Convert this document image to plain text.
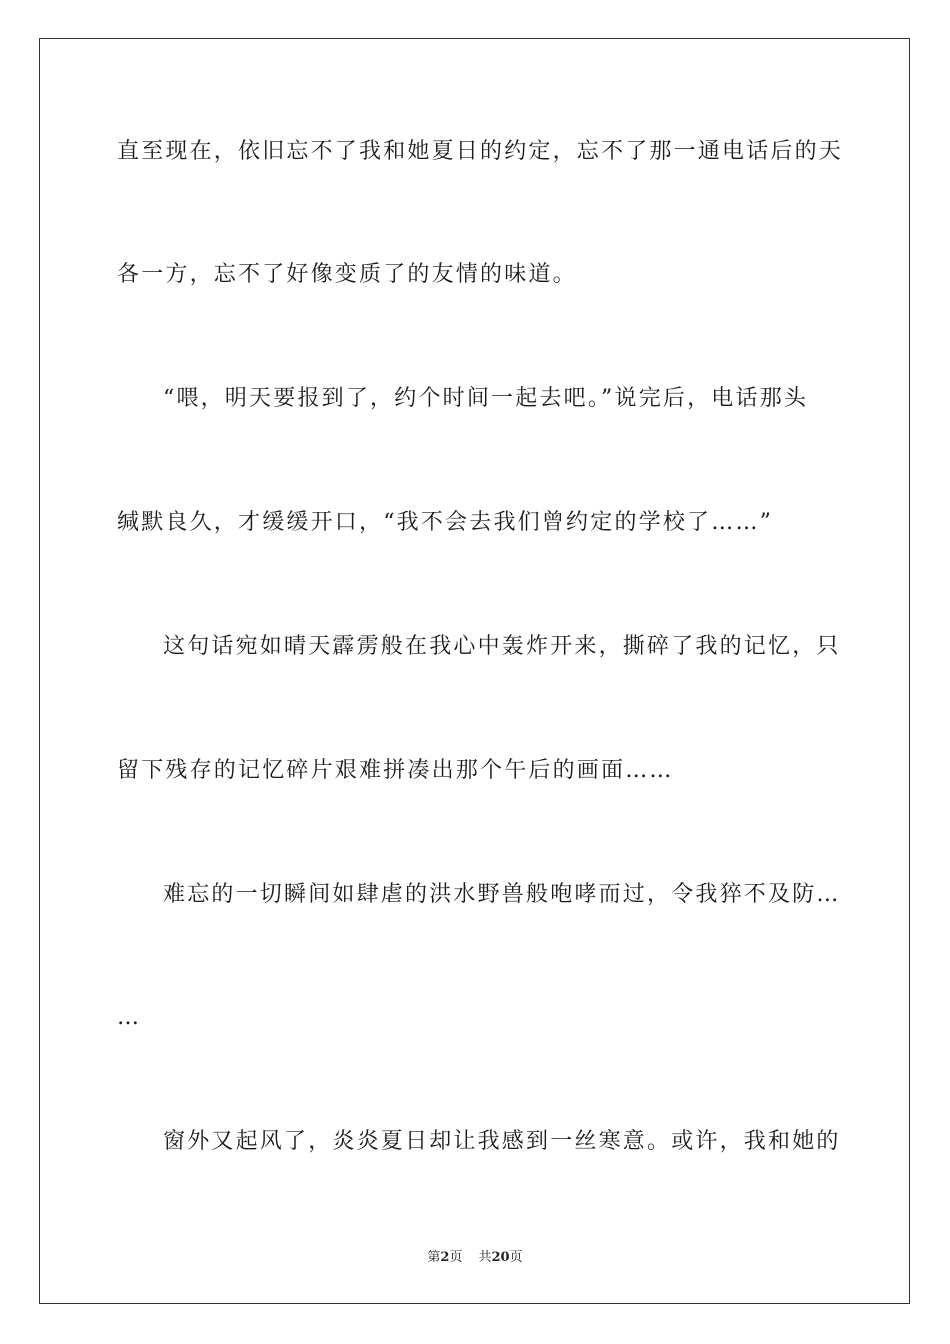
直至现在，依旧忘不了我和她夏日的约定，忘不了那一通电话后的天
各一方，忘不了好像变质了的友情的味道。
“喂，明天要报到了，约个时间一起去吧。”说完后，电话那头
缄默良久，才缓缓开口，“我不会去我们曾约定的学校了……”
这句话宛如晴天霹雳般在我心中轰炸开来，撕碎了我的记忆，只
留下残存的记忆碎片艰难拼凑出那个午后的画面……
难忘的一切瞬间如肆虐的洪水野兽般咆哮而过，令我猝不及防…
…
窗外又起风了，炎炎夏日却让我感到一丝寒意。或许，我和她的
第2页 共20页
